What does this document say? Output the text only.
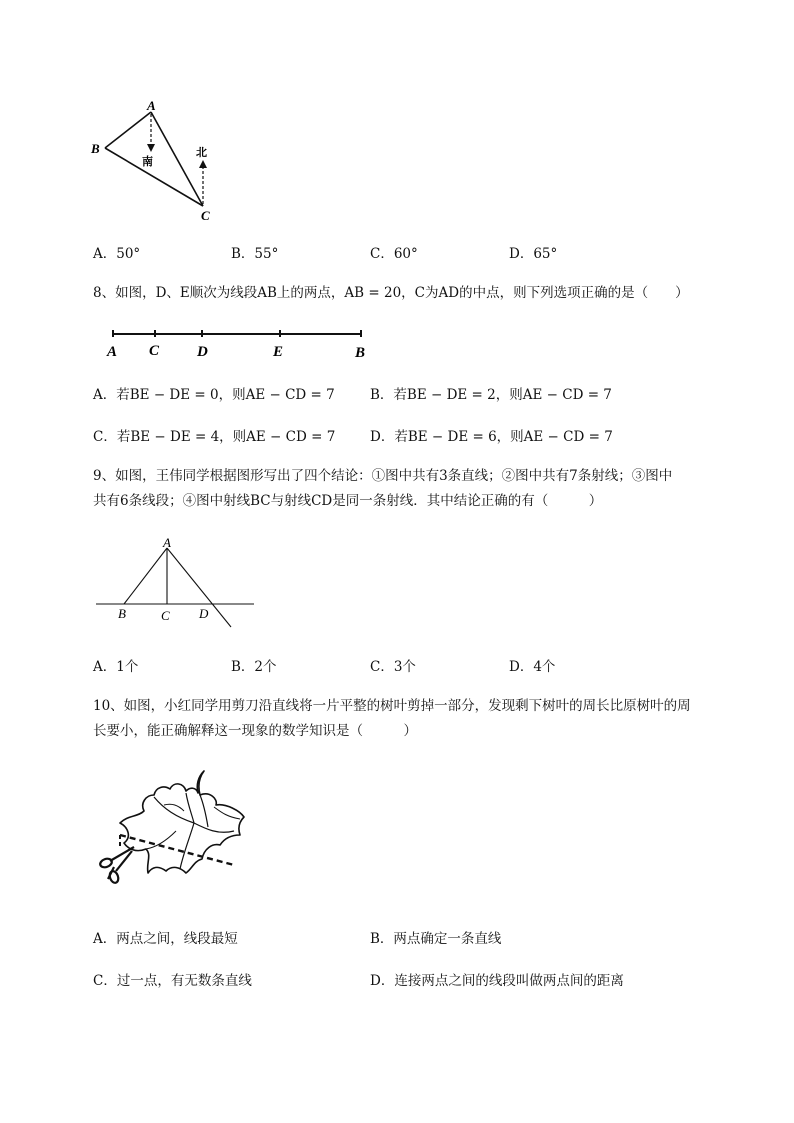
A
B
C
南
北
A．50°	B．55°	C．60°	D．65°
8、如图，D、E顺次为线段AB上的两点，AB = 20，C为AD的中点，则下列选项正确的是（　　）
A C	D	E	B
A．若BE − DE = 0，则AE − CD = 7	B．若BE − DE = 2，则AE − CD = 7
C．若BE − DE = 4，则AE − CD = 7	D．若BE − DE = 6，则AE − CD = 7
9、如图，王伟同学根据图形写出了四个结论：①图中共有3条直线；②图中共有7条射线；③图中
共有6条线段；④图中射线BC与射线CD是同一条射线．其中结论正确的有（　　　）
A
B	C D
A．1个	B．2个	C．3个	D．4个
10、如图，小红同学用剪刀沿直线将一片平整的树叶剪掉一部分，发现剩下树叶的周长比原树叶的周
长要小，能正确解释这一现象的数学知识是（　　　）
A．两点之间，线段最短	B．两点确定一条直线
C．过一点，有无数条直线	D．连接两点之间的线段叫做两点间的距离
